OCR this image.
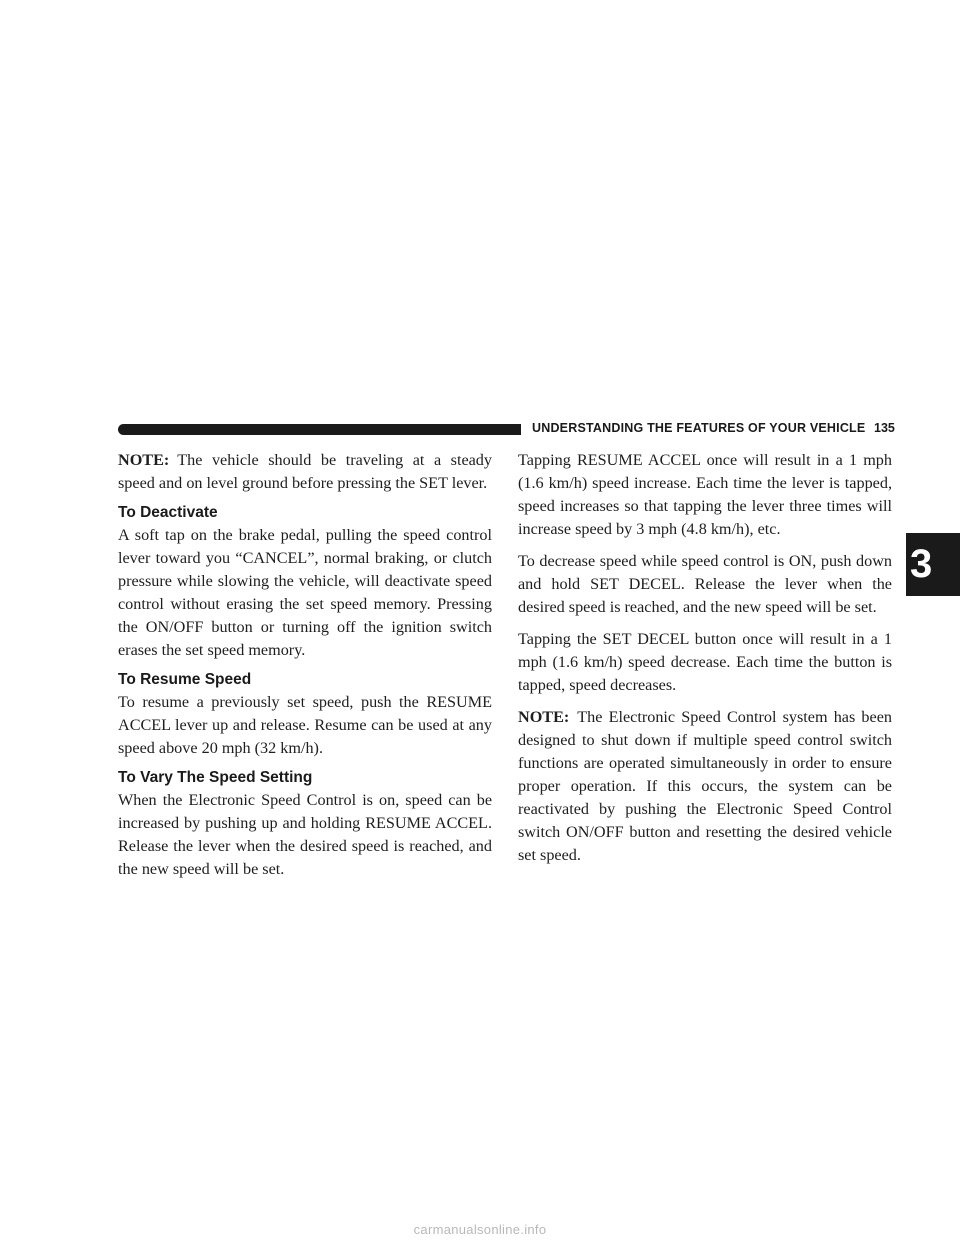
UNDERSTANDING THE FEATURES OF YOUR VEHICLE 135
3

NOTE: The vehicle should be traveling at a steady speed and on level ground before pressing the SET lever.

To Deactivate

A soft tap on the brake pedal, pulling the speed control lever toward you “CANCEL”, normal braking, or clutch pressure while slowing the vehicle, will deactivate speed control without erasing the set speed memory. Pressing the ON/OFF button or turning off the ignition switch erases the set speed memory.

To Resume Speed

To resume a previously set speed, push the RESUME ACCEL lever up and release. Resume can be used at any speed above 20 mph (32 km/h).

To Vary The Speed Setting

When the Electronic Speed Control is on, speed can be increased by pushing up and holding RESUME ACCEL. Release the lever when the desired speed is reached, and the new speed will be set.

Tapping RESUME ACCEL once will result in a 1 mph (1.6 km/h) speed increase. Each time the lever is tapped, speed increases so that tapping the lever three times will increase speed by 3 mph (4.8 km/h), etc.

To decrease speed while speed control is ON, push down and hold SET DECEL. Release the lever when the desired speed is reached, and the new speed will be set.

Tapping the SET DECEL button once will result in a 1 mph (1.6 km/h) speed decrease. Each time the button is tapped, speed decreases.

NOTE: The Electronic Speed Control system has been designed to shut down if multiple speed control switch functions are operated simultaneously in order to ensure proper operation. If this occurs, the system can be reactivated by pushing the Electronic Speed Control switch ON/OFF button and resetting the desired vehicle set speed.

carmanualsonline.info
